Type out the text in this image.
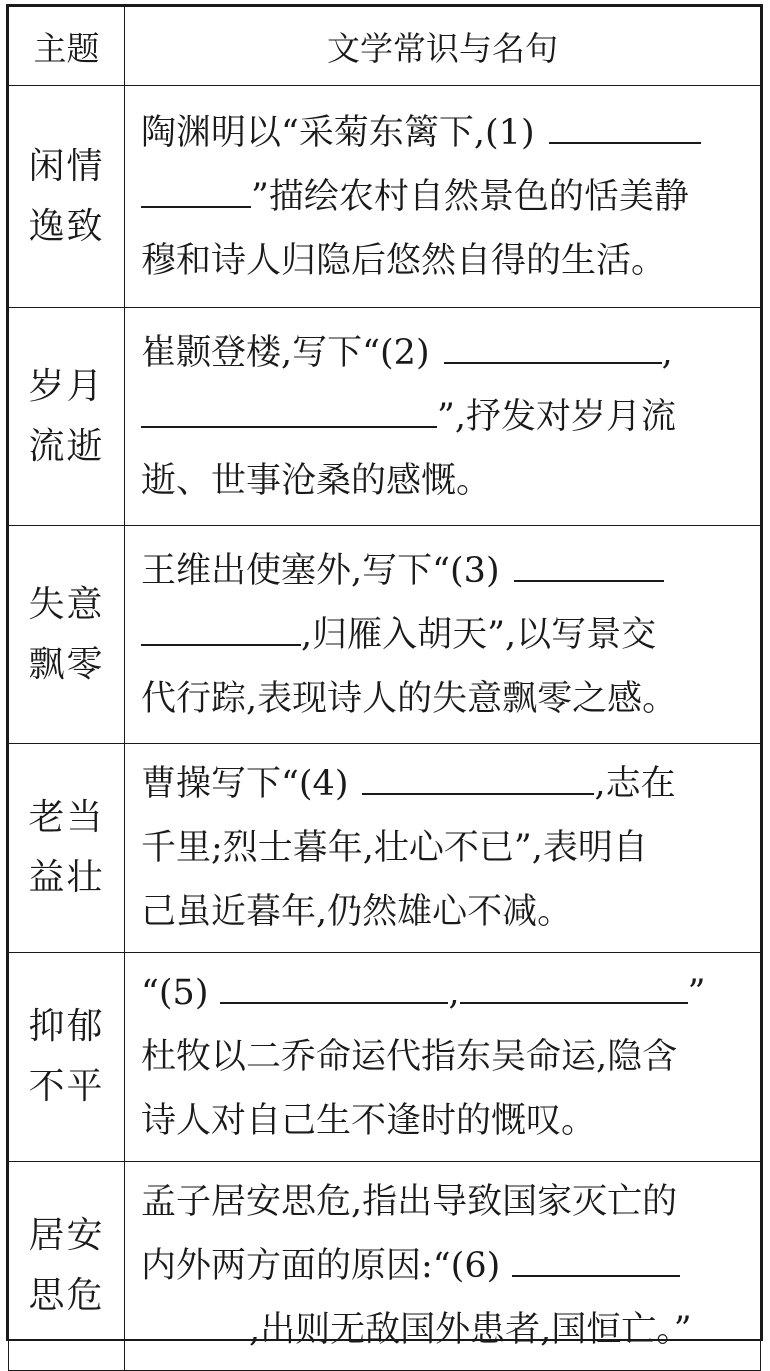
主题	文学常识与名句

闲情
逸致	陶渊明以“采菊东篱下,(1)
”描绘农村自然景色的恬美静
穆和诗人归隐后悠然自得的生活。

岁月
流逝	崔颢登楼,写下“(2) ,
”,抒发对岁月流
逝、世事沧桑的感慨。

失意
飘零	王维出使塞外,写下“(3)
,归雁入胡天”,以写景交
代行踪,表现诗人的失意飘零之感。

老当
益壮	曹操写下“(4) ,志在
千里;烈士暮年,壮心不已”,表明自
己虽近暮年,仍然雄心不减。

抑郁
不平	“(5) , ”
杜牧以二乔命运代指东吴命运,隐含
诗人对自己生不逢时的慨叹。

居安
思危	孟子居安思危,指出导致国家灭亡的
内外两方面的原因:“(6)
,出则无敌国外患者,国恒亡。”
